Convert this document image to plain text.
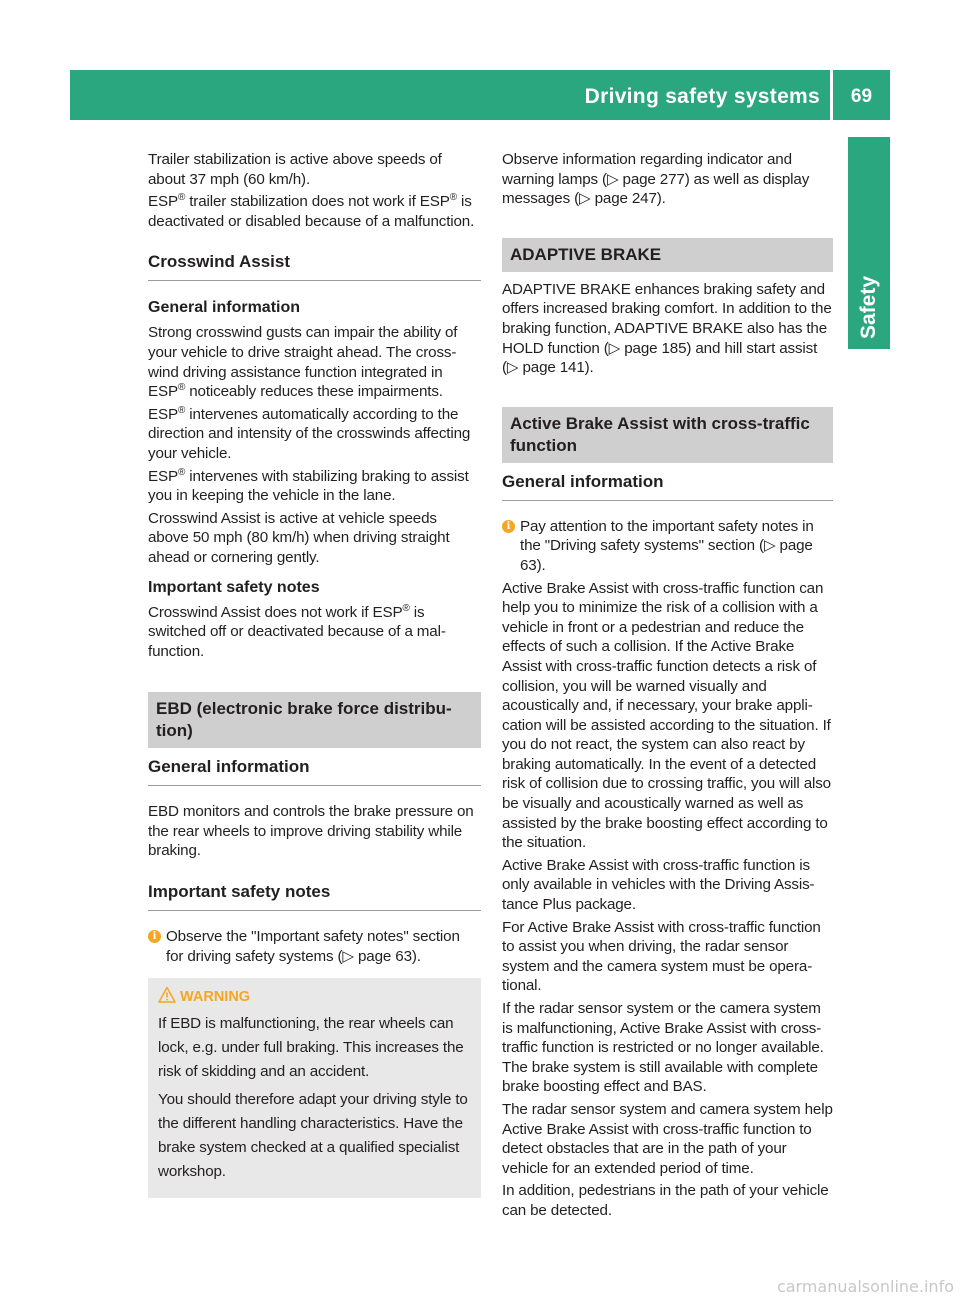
Driving safety systems	69
Safety

Trailer stabilization is active above speeds of about 37 mph (60 km/h).

ESP® trailer stabilization does not work if ESP® is deactivated or disabled because of a malfunction.

Crosswind Assist
General information

Strong crosswind gusts can impair the ability of your vehicle to drive straight ahead. The crosswind driving assistance function integrated in ESP® noticeably reduces these impairments.

ESP® intervenes automatically according to the direction and intensity of the crosswinds affecting your vehicle.

ESP® intervenes with stabilizing braking to assist you in keeping the vehicle in the lane.

Crosswind Assist is active at vehicle speeds above 50 mph (80 km/h) when driving straight ahead or cornering gently.

Important safety notes

Crosswind Assist does not work if ESP® is switched off or deactivated because of a malfunction.

EBD (electronic brake force distribution)
General information

EBD monitors and controls the brake pressure on the rear wheels to improve driving stability while braking.

Important safety notes
i Observe the "Important safety notes" section for driving safety systems (▷ page 63).

WARNING

If EBD is malfunctioning, the rear wheels can lock, e.g. under full braking. This increases the risk of skidding and an accident.

You should therefore adapt your driving style to the different handling characteristics. Have the brake system checked at a qualified specialist workshop.

Observe information regarding indicator and warning lamps (▷ page 277) as well as display messages (▷ page 247).

ADAPTIVE BRAKE

ADAPTIVE BRAKE enhances braking safety and offers increased braking comfort. In addition to the braking function, ADAPTIVE BRAKE also has the HOLD function (▷ page 185) and hill start assist (▷ page 141).

Active Brake Assist with cross-traffic function
General information
i Pay attention to the important safety notes in the "Driving safety systems" section (▷ page 63).

Active Brake Assist with cross-traffic function can help you to minimize the risk of a collision with a vehicle in front or a pedestrian and reduce the effects of such a collision. If the Active Brake Assist with cross-traffic function detects a risk of collision, you will be warned visually and acoustically and, if necessary, your brake application will be assisted according to the situation. If you do not react, the system can also react by braking automatically. In the event of a detected risk of collision due to crossing traffic, you will also be visually and acoustically warned as well as assisted by the brake boosting effect according to the situation.

Active Brake Assist with cross-traffic function is only available in vehicles with the Driving Assistance Plus package.

For Active Brake Assist with cross-traffic function to assist you when driving, the radar sensor system and the camera system must be operational.

If the radar sensor system or the camera system is malfunctioning, Active Brake Assist with cross-traffic function is restricted or no longer available. The brake system is still available with complete brake boosting effect and BAS.

The radar sensor system and camera system help Active Brake Assist with cross-traffic function to detect obstacles that are in the path of your vehicle for an extended period of time.

In addition, pedestrians in the path of your vehicle can be detected.

carmanualsonline.info
